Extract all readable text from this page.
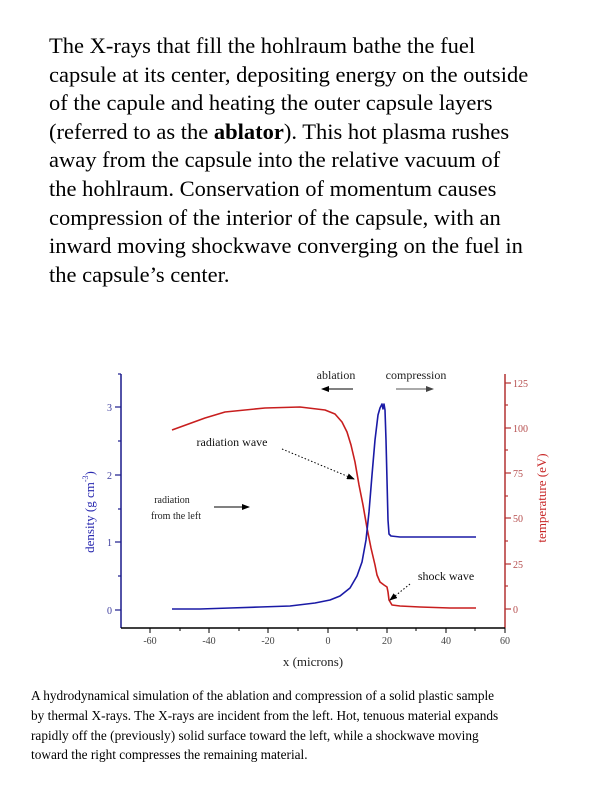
The X-rays that fill the hohlraum bathe the fuel
capsule at its center, depositing energy on the outside
of the capule and heating the outer capsule layers
(referred to as the ablator). This hot plasma rushes
away from the capsule into the relative vacuum of
the hohlraum. Conservation of momentum causes
compression of the interior of the capsule, with an
inward moving shockwave converging on the fuel in
the capsule’s center.
0
1
2
3
density (g $cm^{-3}$)
0
25
50
75
100
125
temperature (eV)
-60	-40	-20	0	20	40	60
x (microns)
ablation	compression
radiation wave
radiation
from the left
shock wave
A hydrodynamical simulation of the ablation and compression of a solid plastic sample
by thermal X-rays. The X-rays are incident from the left. Hot, tenuous material expands
rapidly off the (previously) solid surface toward the left, while a shockwave moving
toward the right compresses the remaining material.
